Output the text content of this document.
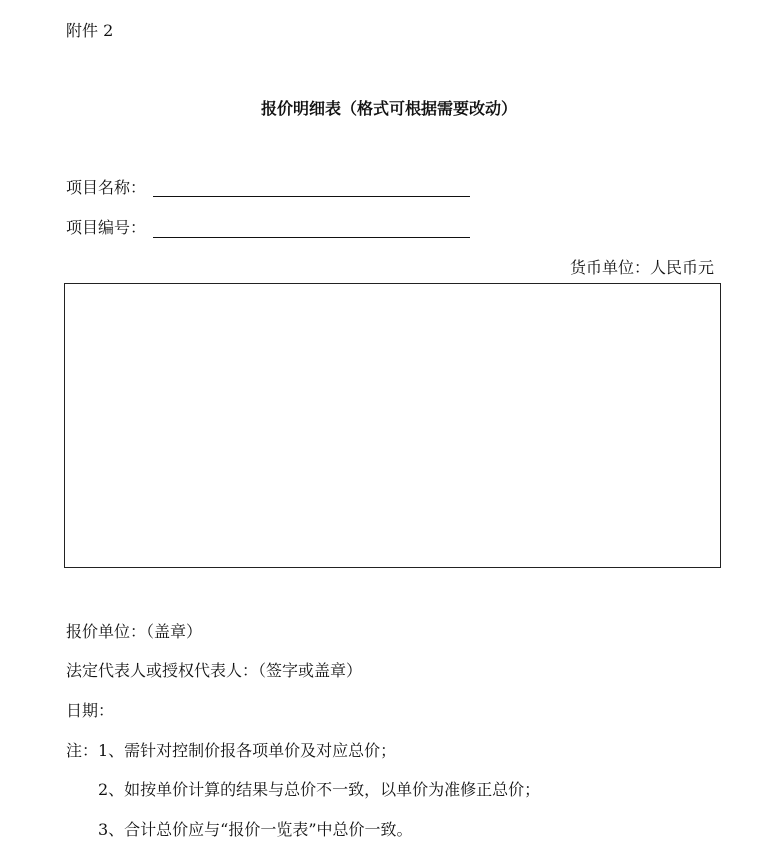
附件 2
报价明细表（格式可根据需要改动）
项目名称：
项目编号：
货币单位：人民币元
报价单位：（盖章）
法定代表人或授权代表人：（签字或盖章）
日期：
注：1、需针对控制价报各项单价及对应总价；
2、如按单价计算的结果与总价不一致，以单价为准修正总价；
3、合计总价应与“报价一览表”中总价一致。
